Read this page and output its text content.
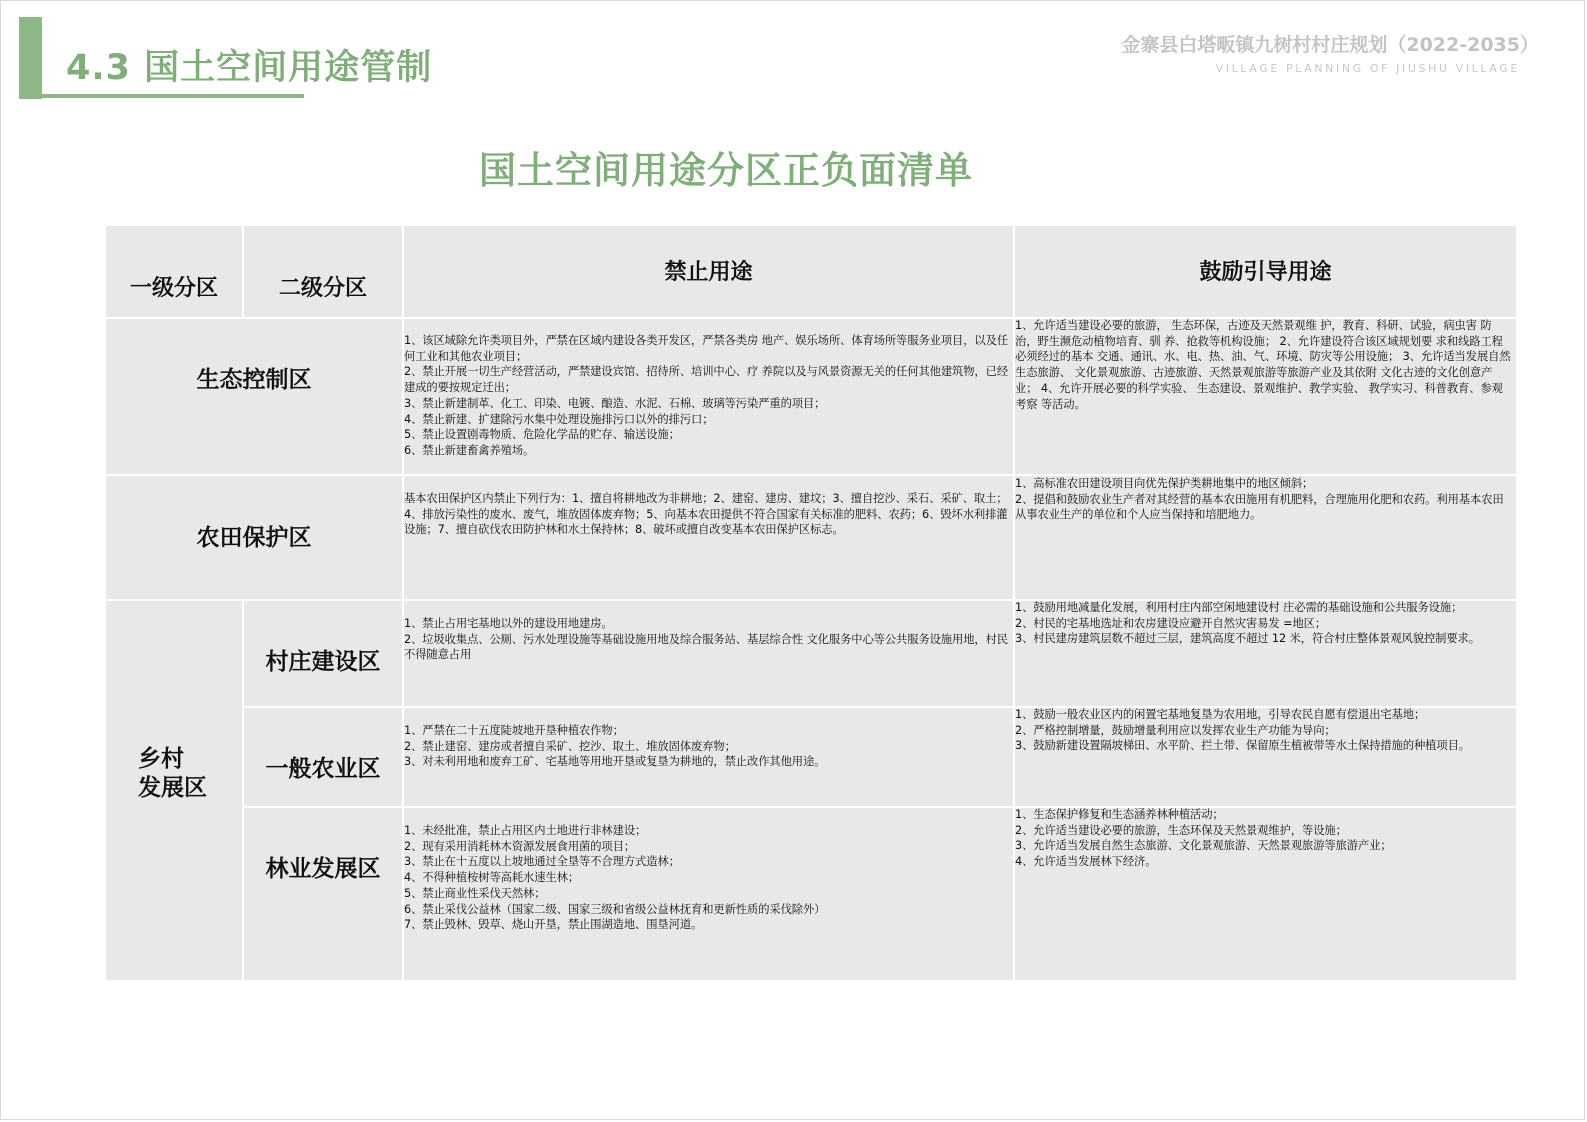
4.3 国土空间用途管制
金寨县白塔畈镇九树村村庄规划（2022-2035）
VILLAGE PLANNING OF JIUSHU VILLAGE
国土空间用途分区正负面清单
一级分区	二级分区
禁止用途	鼓励引导用途
生态控制区
1、该区域除允许类项目外，严禁在区域内建设各类开发区，严禁各类房 地产、娱乐场所、体育场所等服务业项目，以及任何工业和其他农业项目；
2、禁止开展一切生产经营活动，严禁建设宾馆、招待所、培训中心、疗 养院以及与风景资源无关的任何其他建筑物，已经建成的要按规定迁出；
3、禁止新建制革、化工、印染、电镀、酿造、水泥、石棉、玻璃等污染严重的项目；
4、禁止新建、扩建除污水集中处理设施排污口以外的排污口；
5、禁止设置剧毒物质、危险化学品的贮存、输送设施；
6、禁止新建畜禽养殖场。
1、允许适当建设必要的旅游， 生态环保，古迹及天然景观维 护，教育、科研、试验，病虫害 防治，野生濒危动植物培育、驯 养、抢救等机构设施； 2、允许建设符合该区域规划要 求和线路工程必须经过的基本 交通、通讯、水、电、热、油、气、环境、防灾等公用设施； 3、允许适当发展自然生态旅游、 文化景观旅游、古迹旅游、天然景观旅游等旅游产业及其依附 文化古迹的文化创意产业； 4、允许开展必要的科学实验、 生态建设、景观维护、教学实验、 教学实习、科普教育、参观考察 等活动。
农田保护区
基本农田保护区内禁止下列行为：1、擅自将耕地改为非耕地；2、建窑、建房、建坟；3、擅自挖沙、采石、采矿、取土；4、排放污染性的废水、废气，堆放固体废弃物；5、向基本农田提供不符合国家有关标准的肥料、农药；6、毁坏水利排灌设施；7、擅自砍伐农田防护林和水土保持林；8、破坏或擅自改变基本农田保护区标志。
1、高标准农田建设项目向优先保护类耕地集中的地区倾斜；
2、提倡和鼓励农业生产者对其经营的基本农田施用有机肥料，合理施用化肥和农药。利用基本农田从事农业生产的单位和个人应当保持和培肥地力。
乡村
发展区
村庄建设区
1、禁止占用宅基地以外的建设用地建房。
2、垃圾收集点、公厕、污水处理设施等基础设施用地及综合服务站、基层综合性 文化服务中心等公共服务设施用地，村民不得随意占用
1、鼓励用地减量化发展，利用村庄内部空闲地建设村 庄必需的基础设施和公共服务设施；
2、村民的宅基地选址和农房建设应避开自然灾害易发 =地区；
3、村民建房建筑层数不超过三层，建筑高度不超过 12 米，符合村庄整体景观风貌控制要求。
一般农业区
1、严禁在二十五度陡坡地开垦种植农作物；
2、禁止建窑、建房或者擅自采矿、挖沙、取土、堆放固体废弃物；
3、对未利用地和废弃工矿、宅基地等用地开垦或复垦为耕地的，禁止改作其他用途。
1、鼓励一般农业区内的闲置宅基地复垦为农用地，引导农民自愿有偿退出宅基地；
2、严格控制增量，鼓励增量利用应以发挥农业生产功能为导向；
3、鼓励新建设置隔坡梯田、水平阶、拦土带、保留原生植被带等水土保持措施的种植项目。
林业发展区
1、未经批准，禁止占用区内土地进行非林建设；
2、现有采用消耗林木资源发展食用菌的项目；
3、禁止在十五度以上坡地通过全垦等不合理方式造林；
4、不得种植桉树等高耗水速生林；
5、禁止商业性采伐天然林；
6、禁止采伐公益林（国家二级、国家三级和省级公益林抚育和更新性质的采伐除外）
7、禁止毁林、毁草、烧山开垦，禁止围湖造地、围垦河道。
1、生态保护修复和生态涵养林种植活动；
2、允许适当建设必要的旅游，生态环保及天然景观维护，等设施；
3、允许适当发展自然生态旅游、文化景观旅游、天然景观旅游等旅游产业；
4、允许适当发展林下经济。
